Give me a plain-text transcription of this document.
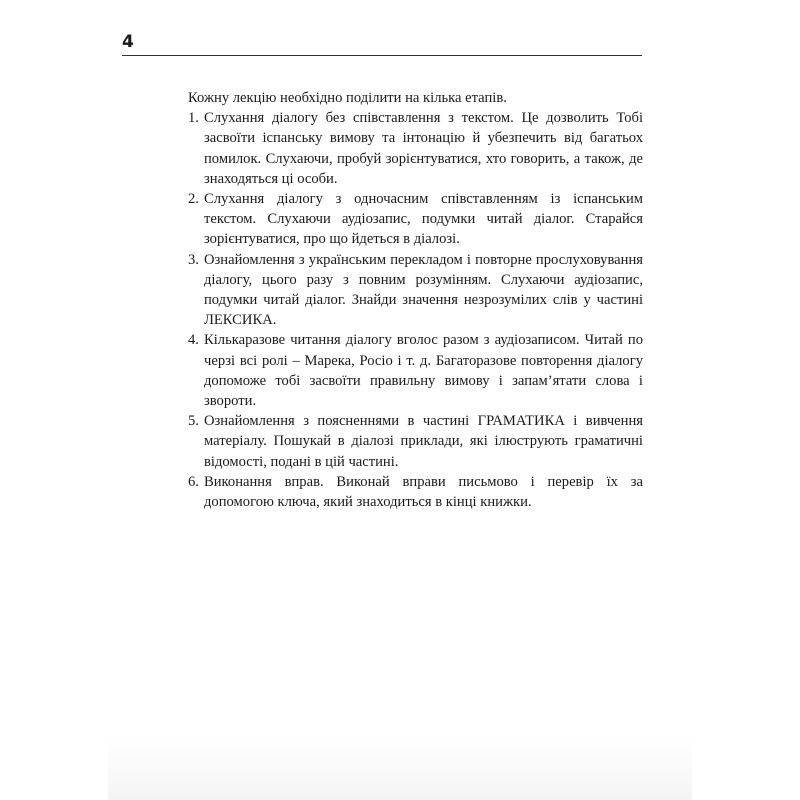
4

Кожну лекцію необхідно поділити на кілька етапів.

1. Слухання діалогу без співставлення з текстом. Це дозволить Тобі засвоїти іспанську вимову та інтонацію й убезпечить від багатьох помилок. Слухаючи, пробуй зорієнтуватися, хто говорить, а також, де знаходяться ці особи.
2. Слухання діалогу з одночасним співставленням із іспанським текстом. Слухаючи аудіозапис, подумки читай діалог. Старайся зорієнтуватися, про що йдеться в діалозі.
3. Ознайомлення з українським перекладом і повторне прослуховування діалогу, цього разу з повним розумінням. Слухаючи аудіозапис, подумки читай діалог. Знайди значення незрозумілих слів у частині ЛЕКСИКА.
4. Кількаразове читання діалогу вголос разом з аудіозаписом. Читай по черзі всі ролі – Марека, Росіо і т. д. Багаторазове повторення діалогу допоможе тобі засвоїти правильну вимову і запам’ятати слова і звороти.
5. Ознайомлення з поясненнями в частині ГРАМАТИКА і вивчення матеріалу. Пошукай в діалозі приклади, які ілюструють граматичні відомості, подані в цій частині.
6. Виконання вправ. Виконай вправи письмово і перевір їх за допомогою ключа, який знаходиться в кінці книжки.
